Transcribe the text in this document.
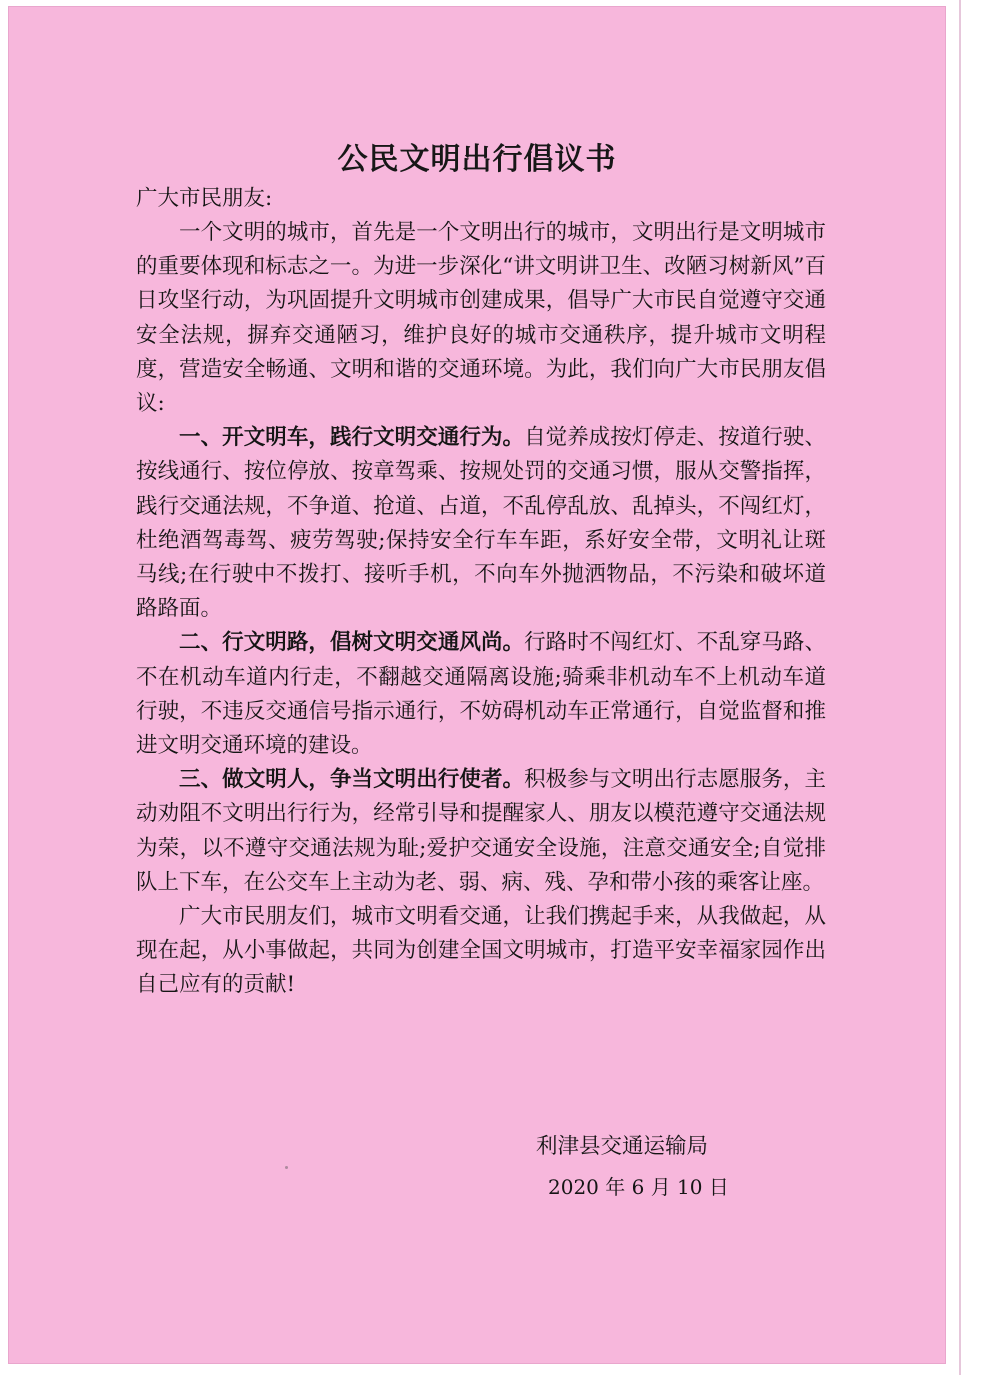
公民文明出行倡议书
广大市民朋友:

一个文明的城市，首先是一个文明出行的城市，文明出行是文明城市的重要体现和标志之一。为进一步深化“讲文明讲卫生、改陋习树新风”百日攻坚行动，为巩固提升文明城市创建成果，倡导广大市民自觉遵守交通安全法规，摒弃交通陋习，维护良好的城市交通秩序，提升城市文明程度，营造安全畅通、文明和谐的交通环境。为此，我们向广大市民朋友倡议:

一、开文明车，践行文明交通行为。自觉养成按灯停走、按道行驶、按线通行、按位停放、按章驾乘、按规处罚的交通习惯，服从交警指挥，践行交通法规，不争道、抢道、占道，不乱停乱放、乱掉头，不闯红灯，杜绝酒驾毒驾、疲劳驾驶;保持安全行车车距，系好安全带，文明礼让斑马线;在行驶中不拨打、接听手机，不向车外抛洒物品，不污染和破坏道路路面。

二、行文明路，倡树文明交通风尚。行路时不闯红灯、不乱穿马路、不在机动车道内行走，不翻越交通隔离设施;骑乘非机动车不上机动车道行驶，不违反交通信号指示通行，不妨碍机动车正常通行，自觉监督和推进文明交通环境的建设。

三、做文明人，争当文明出行使者。积极参与文明出行志愿服务，主动劝阻不文明出行行为，经常引导和提醒家人、朋友以模范遵守交通法规为荣，以不遵守交通法规为耻;爱护交通安全设施，注意交通安全;自觉排队上下车，在公交车上主动为老、弱、病、残、孕和带小孩的乘客让座。

广大市民朋友们，城市文明看交通，让我们携起手来，从我做起，从现在起，从小事做起，共同为创建全国文明城市，打造平安幸福家园作出自己应有的贡献!

利津县交通运输局
2020 年 6 月 10 日
